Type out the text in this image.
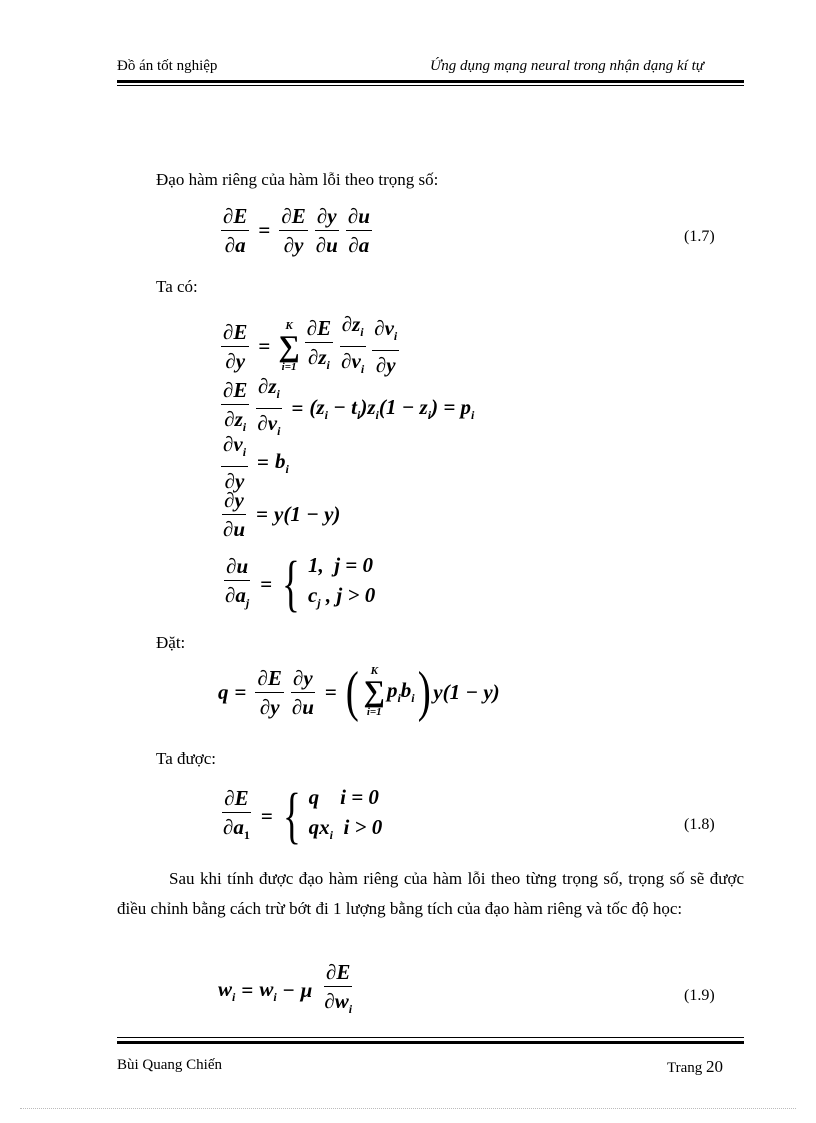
Đồ án tốt nghiệp	Ứng dụng mạng neural trong nhận dạng kí tự
Đạo hàm riêng của hàm lỗi theo trọng số:
$\frac{\partial E}{\partial a} = \frac{\partial E}{\partial y} \frac{\partial y}{\partial u} \frac{\partial u}{\partial a}$	(1.7)
Ta có:
$\frac{\partial E}{\partial y}$ =
K
∑
$i=1 \frac{\partial E}{\partial z_i} \frac{\partial z_i}{\partial v_i} \frac{\partial v_i}{\partial y}$
$\frac{\partial E}{\partial z_i} \frac{\partial z_i}{\partial v_i} = (z_i - t_i)z_i(1 - z_i) = p_i$
$\frac{\partial v_i}{\partial y} = b_i$
$\frac{\partial y}{\partial u} = y(1 - y)$
$\frac{\partial u}{\partial a_j}$ = { 1,  j = 0
$c_j$ , j > 0
Đặt:
$q = \frac{\partial E}{\partial y} \frac{\partial y}{\partial u}$ = ( K
∑
i=1
$p_ib_i$ ) y(1 − y)
Ta được:
$\frac{\partial E}{\partial a_1}$ = { q    i = 0
$qx_i$  i > 0	(1.8)
Sau khi tính được đạo hàm riêng của hàm lỗi theo từng trọng số, trọng số sẽ được điều chỉnh bằng cách trừ bớt đi 1 lượng bằng tích của đạo hàm riêng và tốc độ học:
$w_i = w_i - \mu \frac{\partial E}{\partial w_i}$	(1.9)
Bùi Quang Chiến	Trang 20
